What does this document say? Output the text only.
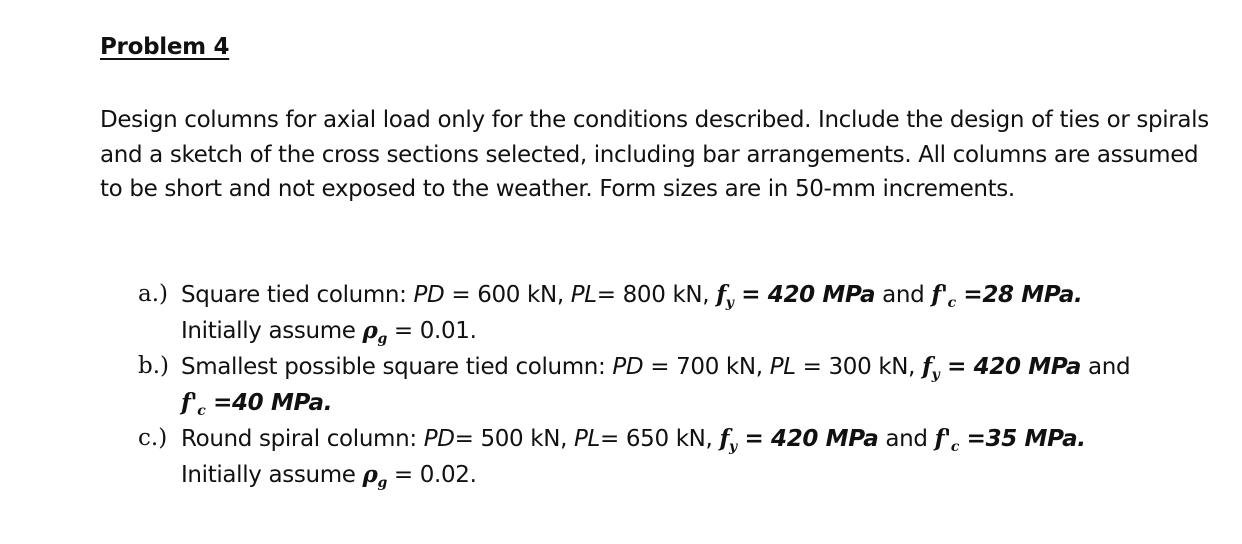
Problem 4

Design columns for axial load only for the conditions described. Include the design of ties or spirals and a sketch of the cross sections selected, including bar arrangements. All columns are assumed to be short and not exposed to the weather. Form sizes are in 50-mm increments.

a.) Square tied column: PD = 600 kN, PL= 800 kN, $f_y = 420$ MPa and $f'_c =28$ MPa.
Initially assume $\rho_g = 0.01$.
b.) Smallest possible square tied column: PD = 700 kN, PL = 300 kN, $f_y = 420$ MPa and
$f'_c =40$ MPa.
c.) Round spiral column: PD= 500 kN, PL= 650 kN, $f_y = 420$ MPa and $f'_c =35$ MPa.
Initially assume $\rho_g = 0.02$.
